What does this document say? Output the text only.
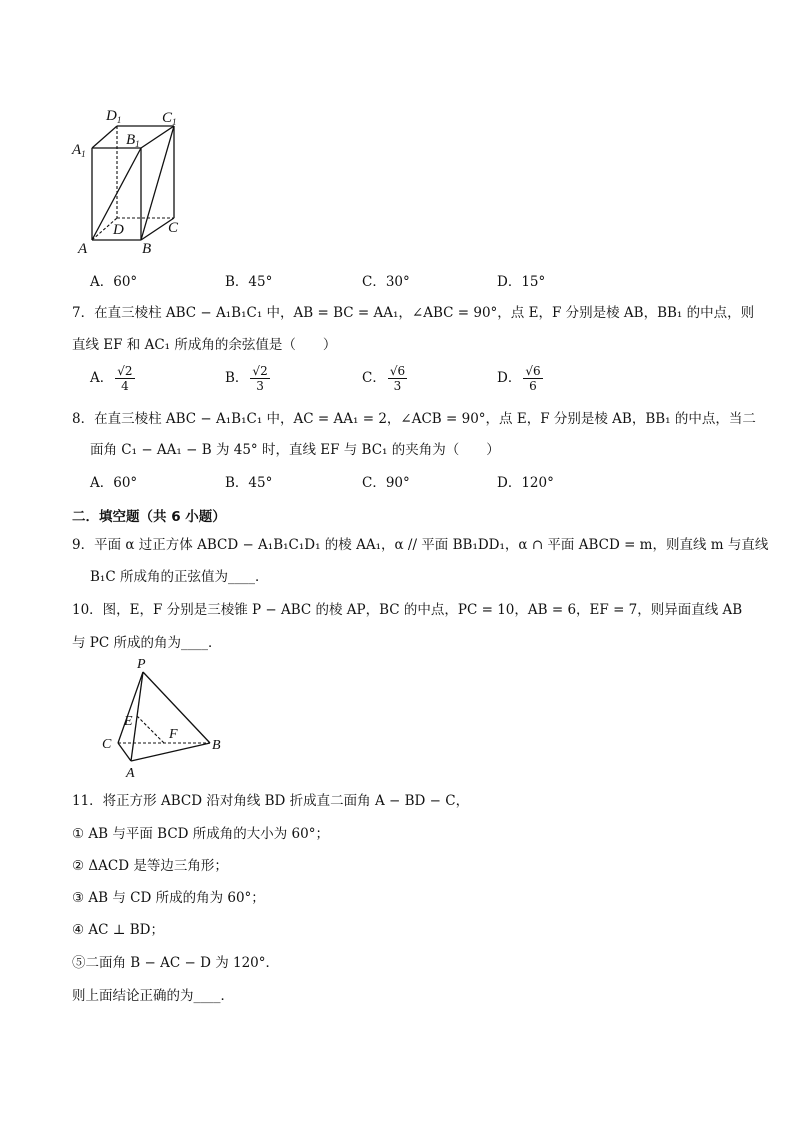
$D_1$	$C_1$
$A_1$
$B_1$
D	C
A	B
A．60°	B．45°	C．30°	D．15°
7．在直三棱柱 ABC − A₁B₁C₁ 中，AB = BC = AA₁，∠ABC = 90°，点 E，F 分别是棱 AB，BB₁ 的中点，则
直线 EF 和 AC₁ 所成角的余弦值是（　　）
A． √ $\frac{2}{4}$	B． √ $\frac{2}{3}$	C． √ $\frac{6}{3}$	D． √ $\frac{6}{6}$
8．在直三棱柱 ABC − A₁B₁C₁ 中，AC = AA₁ = 2，∠ACB = 90°，点 E，F 分别是棱 AB，BB₁ 的中点，当二
面角 C₁ − AA₁ − B 为 45° 时，直线 EF 与 BC₁ 的夹角为（　　）
A．60°	B．45°	C．90°	D．120°
二．填空题（共 6 小题）
9．平面 α 过正方体 ABCD − A₁B₁C₁D₁ 的棱 AA₁，α // 平面 BB₁DD₁，α ∩ 平面 ABCD = m，则直线 m 与直线
B₁C 所成角的正弦值为____．
10．图，E，F 分别是三棱锥 P − ABC 的棱 AP，BC 的中点，PC = 10，AB = 6，EF = 7，则异面直线 AB
与 PC 所成的角为____．
P
E
F
C	B
A
11．将正方形 ABCD 沿对角线 BD 折成直二面角 A − BD − C，
① AB 与平面 BCD 所成角的大小为 60°；
② ΔACD 是等边三角形；
③ AB 与 CD 所成的角为 60°；
④ AC ⊥ BD；
⑤二面角 B − AC − D 为 120°．
则上面结论正确的为____．
